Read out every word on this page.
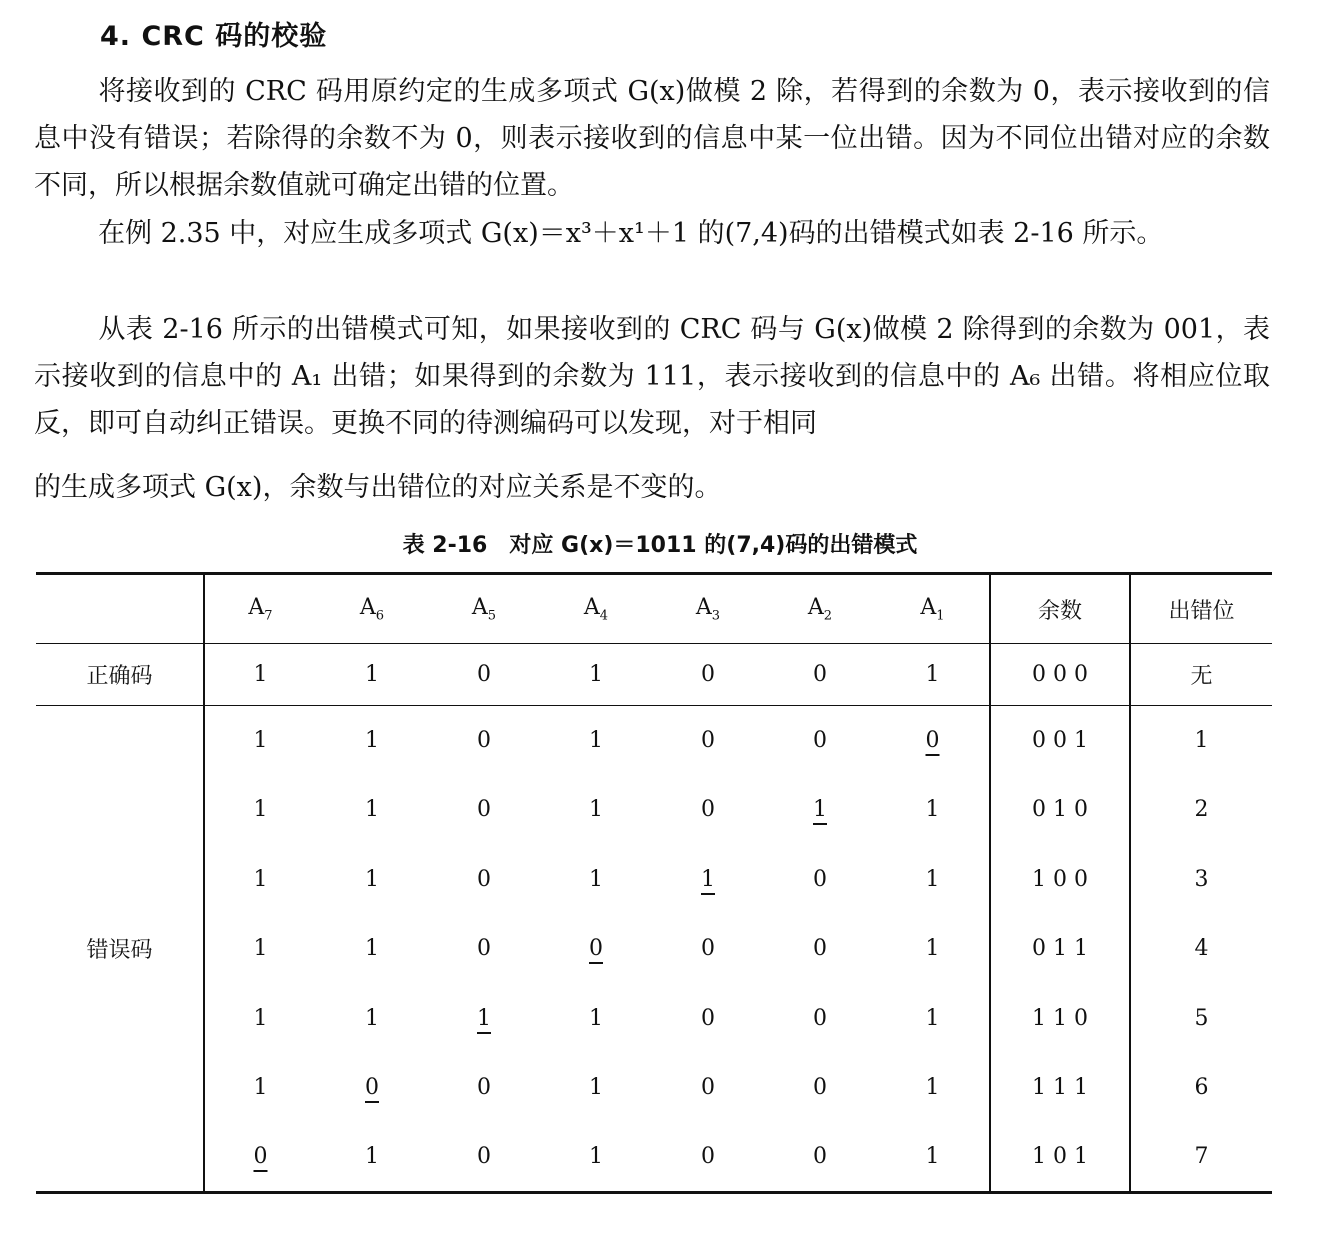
4. CRC 码的校验

将接收到的 CRC 码用原约定的生成多项式 G(x)做模 2 除，若得到的余数为 0，表示接收到的信息中没有错误；若除得的余数不为 0，则表示接收到的信息中某一位出错。因为不同位出错对应的余数不同，所以根据余数值就可确定出错的位置。

在例 2.35 中，对应生成多项式 G(x)＝x³＋x¹＋1 的(7,4)码的出错模式如表 2-16 所示。

从表 2-16 所示的出错模式可知，如果接收到的 CRC 码与 G(x)做模 2 除得到的余数为 001，表示接收到的信息中的 A₁ 出错；如果得到的余数为 111，表示接收到的信息中的 A₆ 出错。将相应位取反，即可自动纠正错误。更换不同的待测编码可以发现，对于相同

的生成多项式 G(x)，余数与出错位的对应关系是不变的。

表 2-16　对应 G(x)＝1011 的(7,4)码的出错模式
	$A_7$	$A_6$	$A_5$	$A_4$	$A_3$	$A_2$	$A_1$	余数	出错位
正确码	1	1	0	1	0	0	1	0 0 0	无
错误码	1	1	0	1	0	0	0	0 0 1	1
	1	1	0	1	0	1	1	0 1 0	2
	1	1	0	1	1	0	1	1 0 0	3
	1	1	0	0	0	0	1	0 1 1	4
	1	1	1	1	0	0	1	1 1 0	5
	1	0	0	1	0	0	1	1 1 1	6
	0	1	0	1	0	0	1	1 0 1	7
